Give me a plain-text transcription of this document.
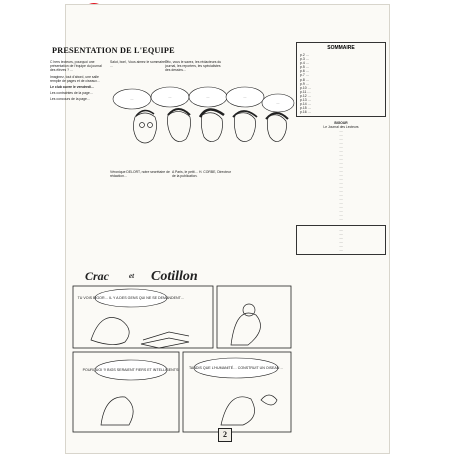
PRESENTATION DE L'EQUIPE

C hers lecteurs, pourquoi une présentation de l'équipe du journal des élèves ? …

Imaginez, tout d'abord, une salle remplie de pages et de ciseaux…

Le club ouvre le vendredi…

Les contraintes de la page…

Les concours de la page…

Salut, bon!, Vous aimez le sommaire ? …

Eric, vous le savez, les rédacteurs du journal, les reporters, les spécialistes des dessins…

…	…	…	…
…
Véronique DELORT, notre secrétaire de rédaction…
A Paris, le petit… H. CORBE, Directeur de la publication.
SOMMAIRE
p.2 …
p.3 …
p.4 …
p.5 …
p.6 …
p.7 …
p.8 …
p.9 …
p.10 …
p.11 …
p.12 …
p.13 …
p.14 …
p.15 …
p.16 …
BIGOUR
Le Journal des Lecteurs
…
…
…
…
…
…
…
…
…
…
…
…
…
…
…
…
…
…
…
…
…
…
…
…
…
…
…
…
…
Crac	et Cotillon
TU VOIS BIGOR… IL Y A DES GENS QUI NE SE DEMANDENT…
POURQUOI ?! BIGS SERAIENT FIERS ET INTELLIGENTS!	TANDIS QUE L'HUMANITÉ… CONSTRUIT UN OISEAU…
2
